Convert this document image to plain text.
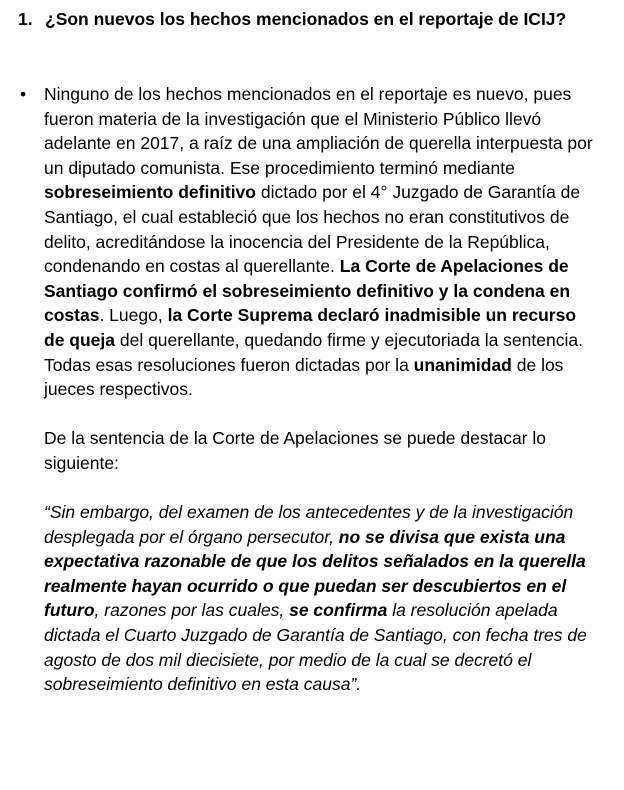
1. ¿Son nuevos los hechos mencionados en el reportaje de ICIJ?
• Ninguno de los hechos mencionados en el reportaje es nuevo, pues fueron materia de la investigación que el Ministerio Público llevó adelante en 2017, a raíz de una ampliación de querella interpuesta por un diputado comunista. Ese procedimiento terminó mediante sobreseimiento definitivo dictado por el 4° Juzgado de Garantía de Santiago, el cual estableció que los hechos no eran constitutivos de delito, acreditándose la inocencia del Presidente de la República, condenando en costas al querellante. La Corte de Apelaciones de Santiago confirmó el sobreseimiento definitivo y la condena en costas. Luego, la Corte Suprema declaró inadmisible un recurso de queja del querellante, quedando firme y ejecutoriada la sentencia. Todas esas resoluciones fueron dictadas por la unanimidad de los jueces respectivos.

De la sentencia de la Corte de Apelaciones se puede destacar lo siguiente:

“Sin embargo, del examen de los antecedentes y de la investigación desplegada por el órgano persecutor, no se divisa que exista una expectativa razonable de que los delitos señalados en la querella realmente hayan ocurrido o que puedan ser descubiertos en el futuro, razones por las cuales, se confirma la resolución apelada dictada el Cuarto Juzgado de Garantía de Santiago, con fecha tres de agosto de dos mil diecisiete, por medio de la cual se decretó el sobreseimiento definitivo en esta causa”.
